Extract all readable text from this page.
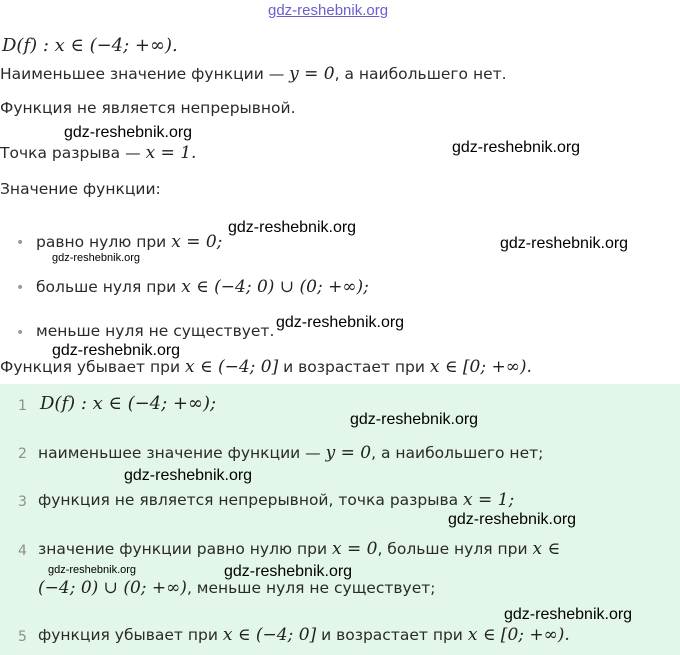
gdz-reshebnik.org
D(f) : x ∈ (−4; +∞).
Наименьшее значение функции — y = 0, а наибольшего нет.
Функция не является непрерывной.
gdz-reshebnik.org
Точка разрыва — x = 1.	gdz-reshebnik.org
Значение функции:
gdz-reshebnik.org
gdz-reshebnik.org
• равно нулю при x = 0;
gdz-reshebnik.org
• больше нуля при x ∈ (−4; 0) ∪ (0; +∞);
• меньше нуля не существует. gdz-reshebnik.org
gdz-reshebnik.org
Функция убывает при x ∈ (−4; 0] и возрастает при x ∈ [0; +∞).
1 D(f) : x ∈ (−4; +∞);
gdz-reshebnik.org
2 наименьшее значение функции — y = 0, а наибольшего нет;
gdz-reshebnik.org
3 функция не является непрерывной, точка разрыва x = 1;
gdz-reshebnik.org
4 значение функции равно нулю при x = 0, больше нуля при x ∈
gdz-reshebnik.org	gdz-reshebnik.org
(−4; 0) ∪ (0; +∞), меньше нуля не существует;
gdz-reshebnik.org
5 функция убывает при x ∈ (−4; 0] и возрастает при x ∈ [0; +∞).
